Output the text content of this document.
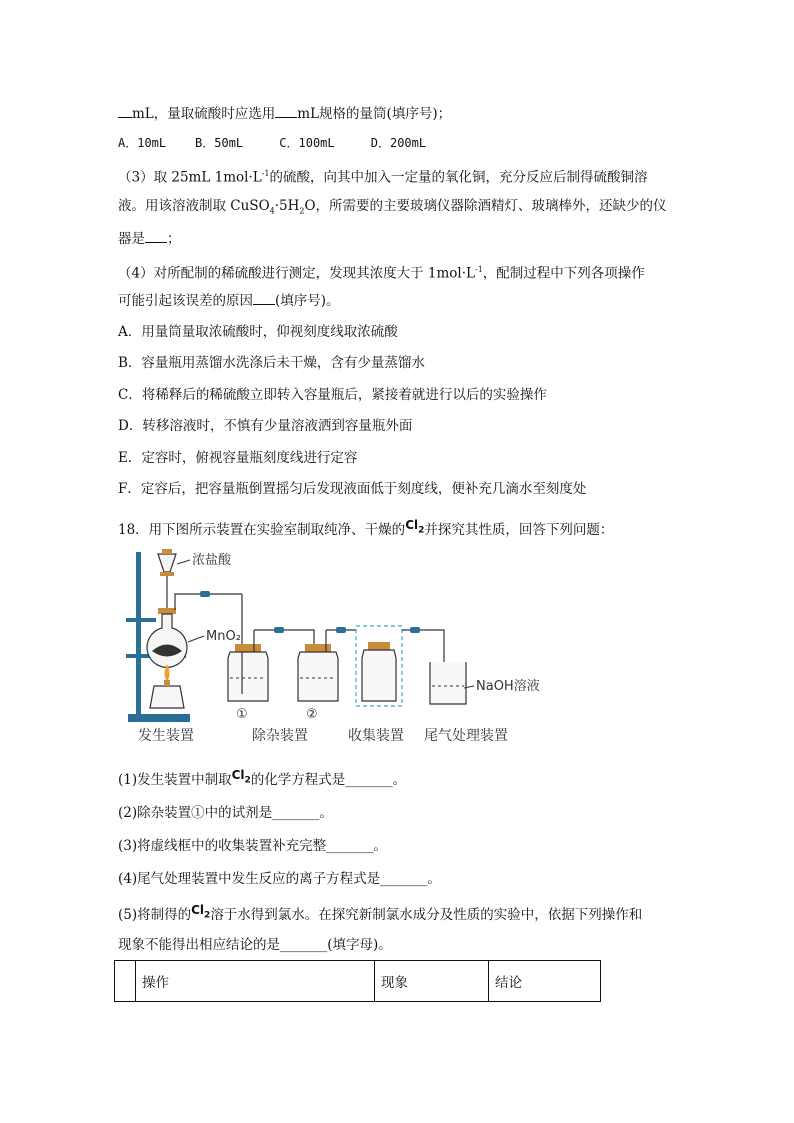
mL，量取硫酸时应选用 mL规格的量筒(填序号)；
A．10mL    B．50mL     C．100mL     D．200mL
（3）取 25mL $1mol\cdot L^{-1}$的硫酸，向其中加入一定量的氧化铜，充分反应后制得硫酸铜溶
液。用该溶液制取 $CuSO_4\cdot 5H_2O$，所需要的主要玻璃仪器除酒精灯、玻璃棒外，还缺少的仪
器是 ；
（4）对所配制的稀硫酸进行测定，发现其浓度大于 $1mol\cdot L^{-1}$，配制过程中下列各项操作
可能引起该误差的原因 (填序号)。
A．用量筒量取浓硫酸时，仰视刻度线取浓硫酸
B．容量瓶用蒸馏水洗涤后未干燥，含有少量蒸馏水
C．将稀释后的稀硫酸立即转入容量瓶后，紧接着就进行以后的实验操作
D．转移溶液时，不慎有少量溶液洒到容量瓶外面
E．定容时，俯视容量瓶刻度线进行定容
F．定容后，把容量瓶倒置摇匀后发现液面低于刻度线，便补充几滴水至刻度处
18．用下图所示装置在实验室制取纯净、干燥的$Cl_2$并探究其性质，回答下列问题：
浓盐酸
MnO₂
NaOH溶液
①	②
发生装置	除杂装置	收集装置 尾气处理装置
(1)发生装置中制取$Cl_2$的化学方程式是_______。
(2)除杂装置①中的试剂是_______。
(3)将虚线框中的收集装置补充完整_______。
(4)尾气处理装置中发生反应的离子方程式是_______。
(5)将制得的$Cl_2$溶于水得到氯水。在探究新制氯水成分及性质的实验中，依据下列操作和
现象不能得出相应结论的是_______(填字母)。
	操作	现象	结论
